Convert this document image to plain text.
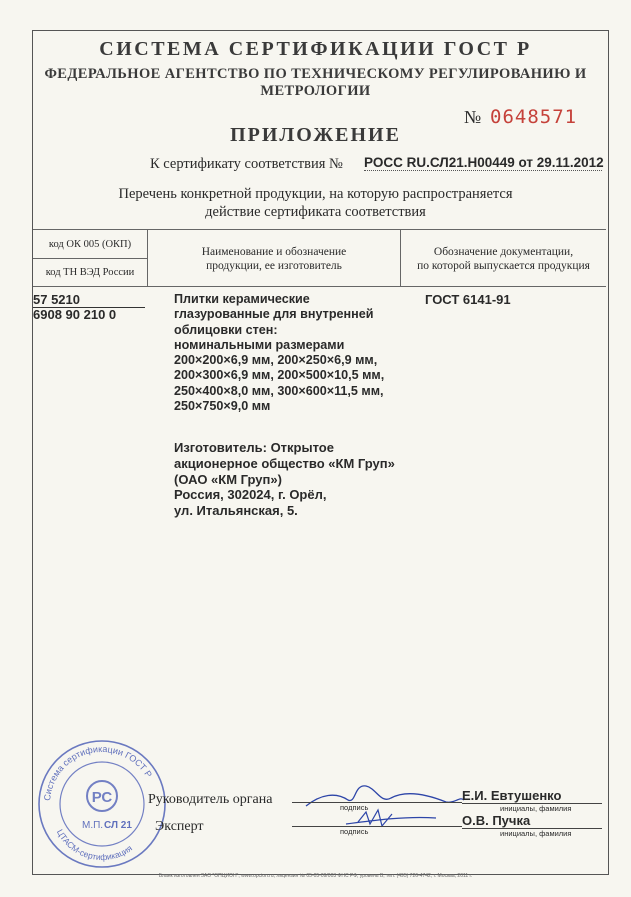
СИСТЕМА СЕРТИФИКАЦИИ ГОСТ Р
ФЕДЕРАЛЬНОЕ АГЕНТСТВО ПО ТЕХНИЧЕСКОМУ РЕГУЛИРОВАНИЮ И МЕТРОЛОГИИ
№ 0648571
ПРИЛОЖЕНИЕ
К сертификату соответствия № РОСС RU.СЛ21.Н00449 от 29.11.2012
Перечень конкретной продукции, на которую распространяется
действие сертификата соответствия
код ОК 005 (ОКП)
код ТН ВЭД России
Наименование и обозначение
продукции, ее изготовитель
Обозначение документации,
по которой выпускается продукция
57 5210
6908 90 210 0
Плитки керамические
глазурованные для внутренней
облицовки стен:
номинальными размерами
200×200×6,9 мм, 200×250×6,9 мм,
200×300×6,9 мм, 200×500×10,5 мм,
250×400×8,0 мм, 300×600×11,5 мм,
250×750×9,0 мм
ГОСТ 6141-91
Изготовитель: Открытое
акционерное общество «КМ Груп»
(ОАО «КМ Груп»)
Россия, 302024, г. Орёл,
ул. Итальянская, 5.
Система сертификации ГОСТ Р
ЦТАСМ-сертификация
РС
М.П. СЛ 21
Руководитель органа
Эксперт
подпись
подпись
Е.И. Евтушенко
О.В. Пучка
инициалы, фамилия
инициалы, фамилия
Бланк изготовлен ЗАО "ОПЦИОН", www.opcion.ru, лицензия № 05-05-09/003 ФНС РФ, уровень В, тел. (495) 726-4742, г. Москва, 2011 г.
